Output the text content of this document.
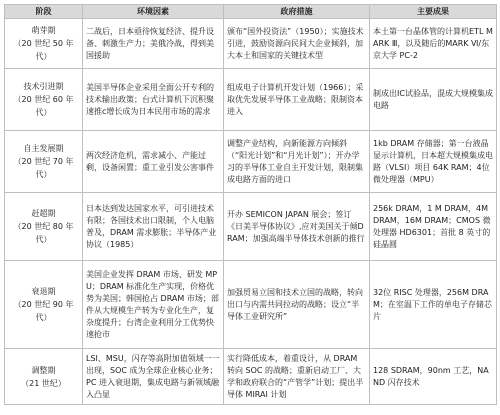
阶段	环境因素	政府措施	主要成果

萌芽期
（20 世纪 50 年代）	二战后，日本亟待恢复经济、提升设备、刺激生产力；美俄冷战，得到美国援助	颁布“国外投资法”（1950）；实施技术引进，鼓励资源向民间大企业倾斜，加大本土和国家的关键技术型	本土第一台晶体管的计算机ETL MARK Ⅲ，以及随后的MARK Ⅵ/东京大学 PC-2

技术引进期
（20 世纪 60 年代）	美国半导体企业采用全面公开专利的技术输出政策；台式计算机下沉积聚速推c增长成为日本民用市场的需求	组成电子计算机开发计划（1966）；采取优先发展半导体工业战略；限制资本进入	制成出IC试验品，混成大规模集成电路

自主发展期
（20 世纪 70 年代）	两次经济危机，需求减小、产能过剩，设备闲置；重工业引发公害事件	调整产业结构，向新能源方向倾斜（“阳光计划”和“月光计划”）；开办学习的半导体工业自主开发计划，限制集成电路方面的进口	1kb DRAM 存储器；第一台液晶显示计算机，日本超大规模集成电路（VLSI）项目 64K RAM；4位微处理器（MPU）

赶超期
（20 世纪 80 年代）	日本达到发达国家水平，可引进技术有限；各国技术出口限制，个人电脑普及，DRAM 需求膨胀；半导体产业协议（1985）	开办 SEMICON JAPAN 展会；签订《日美半导体协议》,应对美国关于倾DRAM；加强高端半导体技术创新的推行	256k DRAM，1 M DRAM，4M DRAM，16M DRAM；CMOS 微处理器 HD6301；首批 8 英寸的硅晶圆

衰退期
（20 世纪 90 年代）	美国企业发挥 DRAM 市场、研发 MPU；DRAM 标准化生产实现，价格优势为美国；韩国抢占 DRAM 市场；部件从大规模生产转为专业化生产，复杂度提升；台湾企业利用分工优势快速抢市	加强贸易立国和技术立国的战略，转向出口与内需共同拉动的战略；设立“半导体工业研究所”	32位 RISC 处理器，256M DRAM；在室温下工作的单电子存储芯片

调整期
（21 世纪）	LSI、MSU，闪存等高附加值领域一一出现，SOC 成为全球企业核心业务；PC 进入衰退期，集成电路与新领域融入凸显	实行降低成本，着重设计，从 DRAM 转向 SOC 的战略；重新启动工厂、大学和政府联合的“产管学”计划；提出半导体 MIRAI 计划	128 SDRAM，90nm 工艺，NAND 闪存技术
